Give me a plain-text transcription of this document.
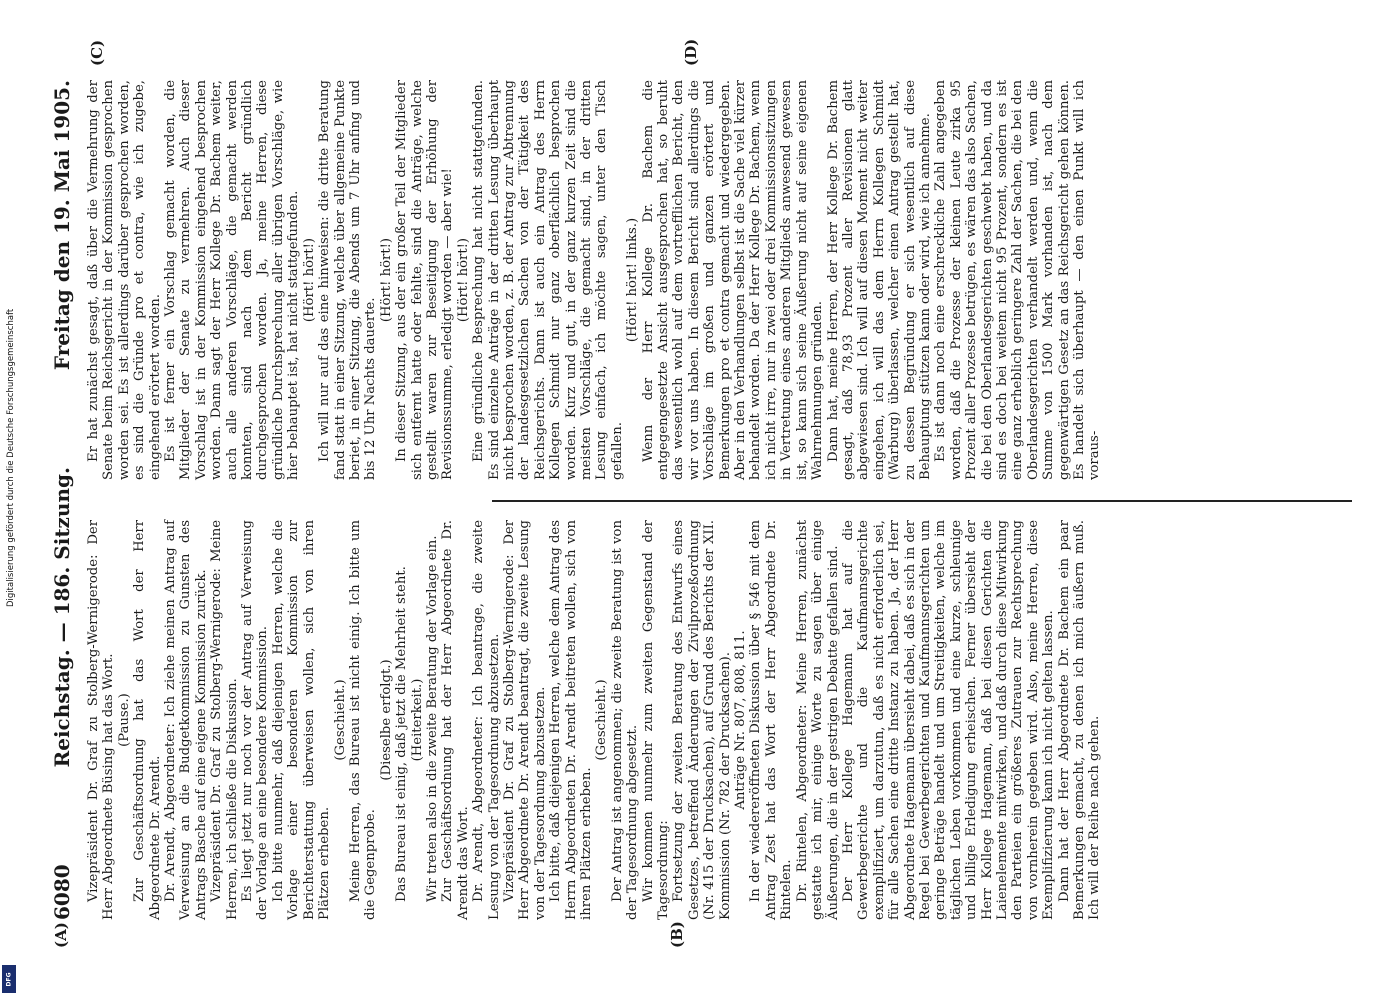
6080
Reichstag. — 186. Sitzung.
Freitag den 19. Mai 1905.
(A)	(B)
(C)	(D)

Vizepräsident Dr. Graf zu Stolberg-Wernigerode: Der Herr Abgeordnete Büsing hat das Wort. (Pause.) Zur Geschäftsordnung hat das Wort der Herr Abgeordnete Dr. Arendt. Dr. Arendt, Abgeordneter: Ich ziehe meinen Antrag auf Verweisung an die Budgetkommission zu Gunsten des Antrags Basche auf eine eigene Kommission zurück. Vizepräsident Dr. Graf zu Stolberg-Wernigerode: Meine Herren, ich schließe die Diskussion. Es liegt jetzt nur noch vor der Antrag auf Verweisung der Vorlage an eine besondere Kommission. Ich bitte nunmehr, daß diejenigen Herren, welche die Vorlage einer besonderen Kommission zur Berichterstattung überweisen wollen, sich von ihren Plätzen erheben.

(Geschieht.) Meine Herren, das Bureau ist nicht einig. Ich bitte um die Gegenprobe.

(Dieselbe erfolgt.) Das Bureau ist einig, daß jetzt die Mehrheit steht. (Heiterkeit.) Wir treten also in die zweite Beratung der Vorlage ein. Zur Geschäftsordnung hat der Herr Abgeordnete Dr. Arendt das Wort. Dr. Arendt, Abgeordneter: Ich beantrage, die zweite Lesung von der Tagesordnung abzusetzen. Vizepräsident Dr. Graf zu Stolberg-Wernigerode: Der Herr Abgeordnete Dr. Arendt beantragt, die zweite Lesung von der Tagesordnung abzusetzen. Ich bitte, daß diejenigen Herren, welche dem Antrag des Herrn Abgeordneten Dr. Arendt beitreten wollen, sich von ihren Plätzen erheben.

(Geschieht.) Der Antrag ist angenommen; die zweite Beratung ist von der Tagesordnung abgesetzt. Wir kommen nunmehr zum zweiten Gegenstand der Tagesordnung: Fortsetzung der zweiten Beratung des Entwurfs eines Gesetzes, betreffend Änderungen der Zivilprozeßordnung (Nr. 415 der Drucksachen), auf Grund des Berichts der XII. Kommission (Nr. 782 der Drucksachen). Anträge Nr. 807, 808, 811. In der wiedereröffneten Diskussion über § 546 mit dem Antrag Zest hat das Wort der Herr Abgeordnete Dr. Rintelen. Dr. Rintelen, Abgeordneter: Meine Herren, zunächst gestatte ich mir, einige Worte zu sagen über einige Äußerungen, die in der gestrigen Debatte gefallen sind. Der Herr Kollege Hagemann hat auf die Gewerbegerichte und die Kaufmannsgerichte exemplifiziert, um darzutun, daß es nicht erforderlich sei, für alle Sachen eine dritte Instanz zu haben. Ja, der Herr Abgeordnete Hagemann übersieht dabei, daß es sich in der Regel bei Gewerbegerichten und Kaufmannsgerichten um geringe Beträge handelt und um Streitigkeiten, welche im täglichen Leben vorkommen und eine kurze, schleunige und billige Erledigung erheischen. Ferner übersieht der Herr Kollege Hagemann, daß bei diesen Gerichten die Laienelemente mitwirken, und daß durch diese Mitwirkung den Parteien ein größeres Zutrauen zur Rechtsprechung von vornherein gegeben wird. Also, meine Herren, diese Exemplifizierung kann ich nicht gelten lassen. Dann hat der Herr Abgeordnete Dr. Bachem ein paar Bemerkungen gemacht, zu denen ich mich äußern muß. Ich will der Reihe nach gehen.

Er hat zunächst gesagt, daß über die Vermehrung der Senate beim Reichsgericht in der Kommission gesprochen worden sei. Es ist allerdings darüber gesprochen worden, es sind die Gründe pro et contra, wie ich zugebe, eingehend erörtert worden. Es ist ferner ein Vorschlag gemacht worden, die Mitglieder der Senate zu vermehren. Auch dieser Vorschlag ist in der Kommission eingehend besprochen worden. Dann sagt der Herr Kollege Dr. Bachem weiter, auch alle anderen Vorschläge, die gemacht werden konnten, sind nach dem Bericht gründlich durchgesprochen worden. Ja, meine Herren, diese gründliche Durchsprechung aller übrigen Vorschläge, wie hier behauptet ist, hat nicht stattgefunden. (Hört! hört!) Ich will nur auf das eine hinweisen: die dritte Beratung fand statt in einer Sitzung, welche über allgemeine Punkte beriet, in einer Sitzung, die Abends um 7 Uhr anfing und bis 12 Uhr Nachts dauerte.

(Hört! hört!) In dieser Sitzung, aus der ein großer Teil der Mitglieder sich entfernt hatte oder fehlte, sind die Anträge, welche gestellt waren zur Beseitigung der Erhöhung der Revisionssumme, erledigt worden — aber wie! (Hört! hört!) Eine gründliche Besprechung hat nicht stattgefunden. Es sind einzelne Anträge in der dritten Lesung überhaupt nicht besprochen worden, z. B. der Antrag zur Abtrennung der landesgesetzlichen Sachen von der Tätigkeit des Reichsgerichts. Dann ist auch ein Antrag des Herrn Kollegen Schmidt nur ganz oberflächlich besprochen worden. Kurz und gut, in der ganz kurzen Zeit sind die meisten Vorschläge, die gemacht sind, in der dritten Lesung einfach, ich möchte sagen, unter den Tisch gefallen.

(Hört! hört! links.) Wenn der Herr Kollege Dr. Bachem die entgegengesetzte Ansicht ausgesprochen hat, so beruht das wesentlich wohl auf dem vortrefflichen Bericht, den wir vor uns haben. In diesem Bericht sind allerdings die Vorschläge im großen und ganzen erörtert und Bemerkungen pro et contra gemacht und wiedergegeben. Aber in den Verhandlungen selbst ist die Sache viel kürzer behandelt worden. Da der Herr Kollege Dr. Bachem, wenn ich nicht irre, nur in zwei oder drei Kommissionssitzungen in Vertretung eines anderen Mitglieds anwesend gewesen ist, so kann sich seine Äußerung nicht auf seine eigenen Wahrnehmungen gründen. Dann hat, meine Herren, der Herr Kollege Dr. Bachem gesagt, daß 78,93 Prozent aller Revisionen glatt abgewiesen sind. Ich will auf diesen Moment nicht weiter eingehen, ich will das dem Herrn Kollegen Schmidt (Warburg) überlassen, welcher einen Antrag gestellt hat, zu dessen Begründung er sich wesentlich auf diese Behauptung stützen kann oder wird, wie ich annehme. Es ist dann noch eine erschreckliche Zahl angegeben worden, daß die Prozesse der kleinen Leute zirka 95 Prozent aller Prozesse betrügen, es wären das also Sachen, die bei den Oberlandesgerichten geschwebt haben, und da sind es doch bei weitem nicht 95 Prozent, sondern es ist eine ganz erheblich geringere Zahl der Sachen, die bei den Oberlandesgerichten verhandelt werden und, wenn die Summe von 1500 Mark vorhanden ist, nach dem gegenwärtigen Gesetz an das Reichsgericht gehen können. Es handelt sich überhaupt — den einen Punkt will ich voraus-

Digitalisierung gefördert durch die Deutsche Forschungsgemeinschaft
DFG
